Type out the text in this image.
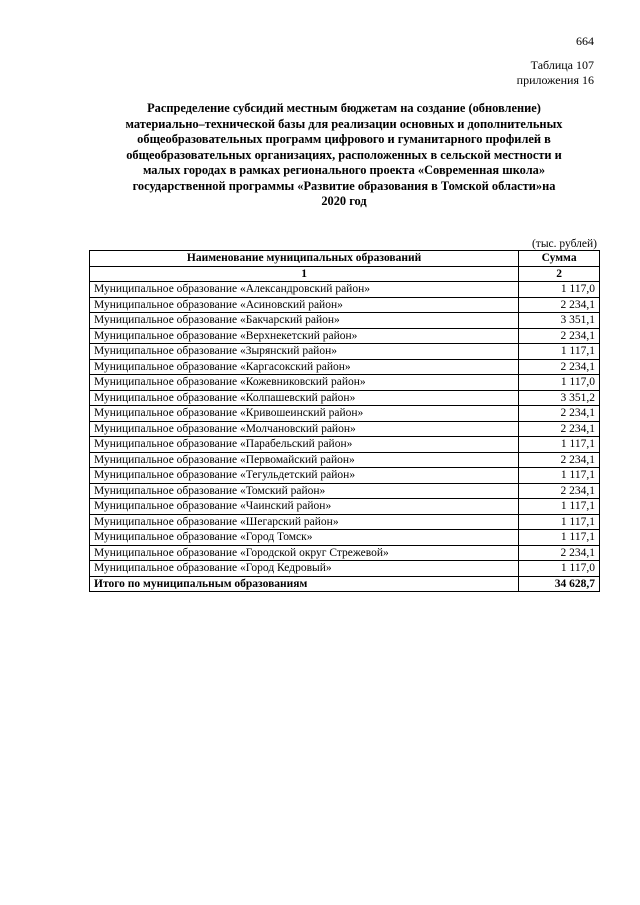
664
Таблица 107
приложения 16
Распределение субсидий местным бюджетам на создание (обновление)
материально–технической базы для реализации основных и дополнительных
общеобразовательных программ цифрового и гуманитарного профилей в
общеобразовательных организациях, расположенных в сельской местности и
малых городах в рамках регионального проекта «Современная школа»
государственной программы «Развитие образования в Томской области»на
2020 год
(тыс. рублей)
Наименование муниципальных образований	Сумма
1	2
Муниципальное образование «Александровский район»	1 117,0
Муниципальное образование «Асиновский район»	2 234,1
Муниципальное образование «Бакчарский район»	3 351,1
Муниципальное образование «Верхнекетский район»	2 234,1
Муниципальное образование «Зырянский район»	1 117,1
Муниципальное образование «Каргасокский район»	2 234,1
Муниципальное образование «Кожевниковский район»	1 117,0
Муниципальное образование «Колпашевский район»	3 351,2
Муниципальное образование «Кривошеинский район»	2 234,1
Муниципальное образование «Молчановский район»	2 234,1
Муниципальное образование «Парабельский район»	1 117,1
Муниципальное образование «Первомайский район»	2 234,1
Муниципальное образование «Тегульдетский район»	1 117,1
Муниципальное образование «Томский район»	2 234,1
Муниципальное образование «Чаинский район»	1 117,1
Муниципальное образование «Шегарский район»	1 117,1
Муниципальное образование «Город Томск»	1 117,1
Муниципальное образование «Городской округ Стрежевой»	2 234,1
Муниципальное образование «Город Кедровый»	1 117,0
Итого по муниципальным образованиям	34 628,7
